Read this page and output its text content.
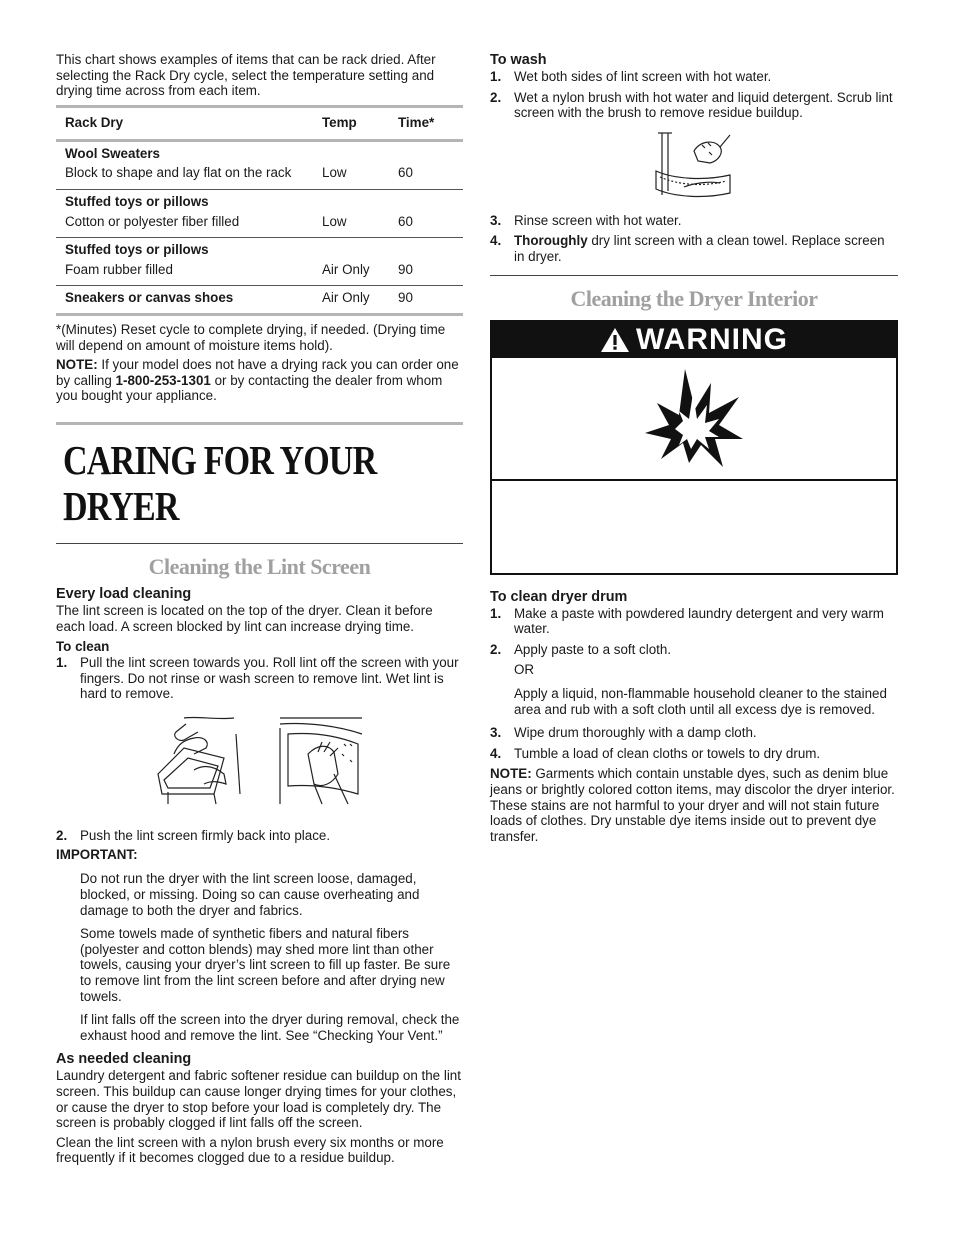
This chart shows examples of items that can be rack dried. After selecting the Rack Dry cycle, select the temperature setting and drying time across from each item.

Rack Dry	Temp	Time*

Wool Sweaters
Block to shape and lay flat on the rack	Low	60

Stuffed toys or pillows
Cotton or polyester fiber filled	Low	60

Stuffed toys or pillows
Foam rubber filled	Air Only	90
Sneakers or canvas shoes	Air Only	90

*(Minutes) Reset cycle to complete drying, if needed. (Drying time will depend on amount of moisture items hold).

NOTE: If your model does not have a drying rack you can order one by calling 1-800-253-1301 or by contacting the dealer from whom you bought your appliance.

CARING FOR YOUR DRYER
Cleaning the Lint Screen
Every load cleaning

The lint screen is located on the top of the dryer. Clean it before each load. A screen blocked by lint can increase drying time.

To clean
1. Pull the lint screen towards you. Roll lint off the screen with your fingers. Do not rinse or wash screen to remove lint. Wet lint is hard to remove.
2. Push the lint screen firmly back into place.
IMPORTANT:

Do not run the dryer with the lint screen loose, damaged, blocked, or missing. Doing so can cause overheating and damage to both the dryer and fabrics.

Some towels made of synthetic fibers and natural fibers (polyester and cotton blends) may shed more lint than other towels, causing your dryer’s lint screen to fill up faster. Be sure to remove lint from the lint screen before and after drying new towels.

If lint falls off the screen into the dryer during removal, check the exhaust hood and remove the lint. See “Checking Your Vent.”

As needed cleaning

Laundry detergent and fabric softener residue can buildup on the lint screen. This buildup can cause longer drying times for your clothes, or cause the dryer to stop before your load is completely dry. The screen is probably clogged if lint falls off the screen.

Clean the lint screen with a nylon brush every six months or more frequently if it becomes clogged due to a residue buildup.

To wash
1. Wet both sides of lint screen with hot water.
2. Wet a nylon brush with hot water and liquid detergent. Scrub lint screen with the brush to remove residue buildup.
3. Rinse screen with hot water.
4. Thoroughly dry lint screen with a clean towel. Replace screen in dryer.
Cleaning the Dryer Interior
WARNING
To clean dryer drum
1. Make a paste with powdered laundry detergent and very warm water.
2. Apply paste to a soft cloth.
OR
Apply a liquid, non-flammable household cleaner to the stained area and rub with a soft cloth until all excess dye is removed.
3. Wipe drum thoroughly with a damp cloth.
4. Tumble a load of clean cloths or towels to dry drum.

NOTE: Garments which contain unstable dyes, such as denim blue jeans or brightly colored cotton items, may discolor the dryer interior. These stains are not harmful to your dryer and will not stain future loads of clothes. Dry unstable dye items inside out to prevent dye transfer.
